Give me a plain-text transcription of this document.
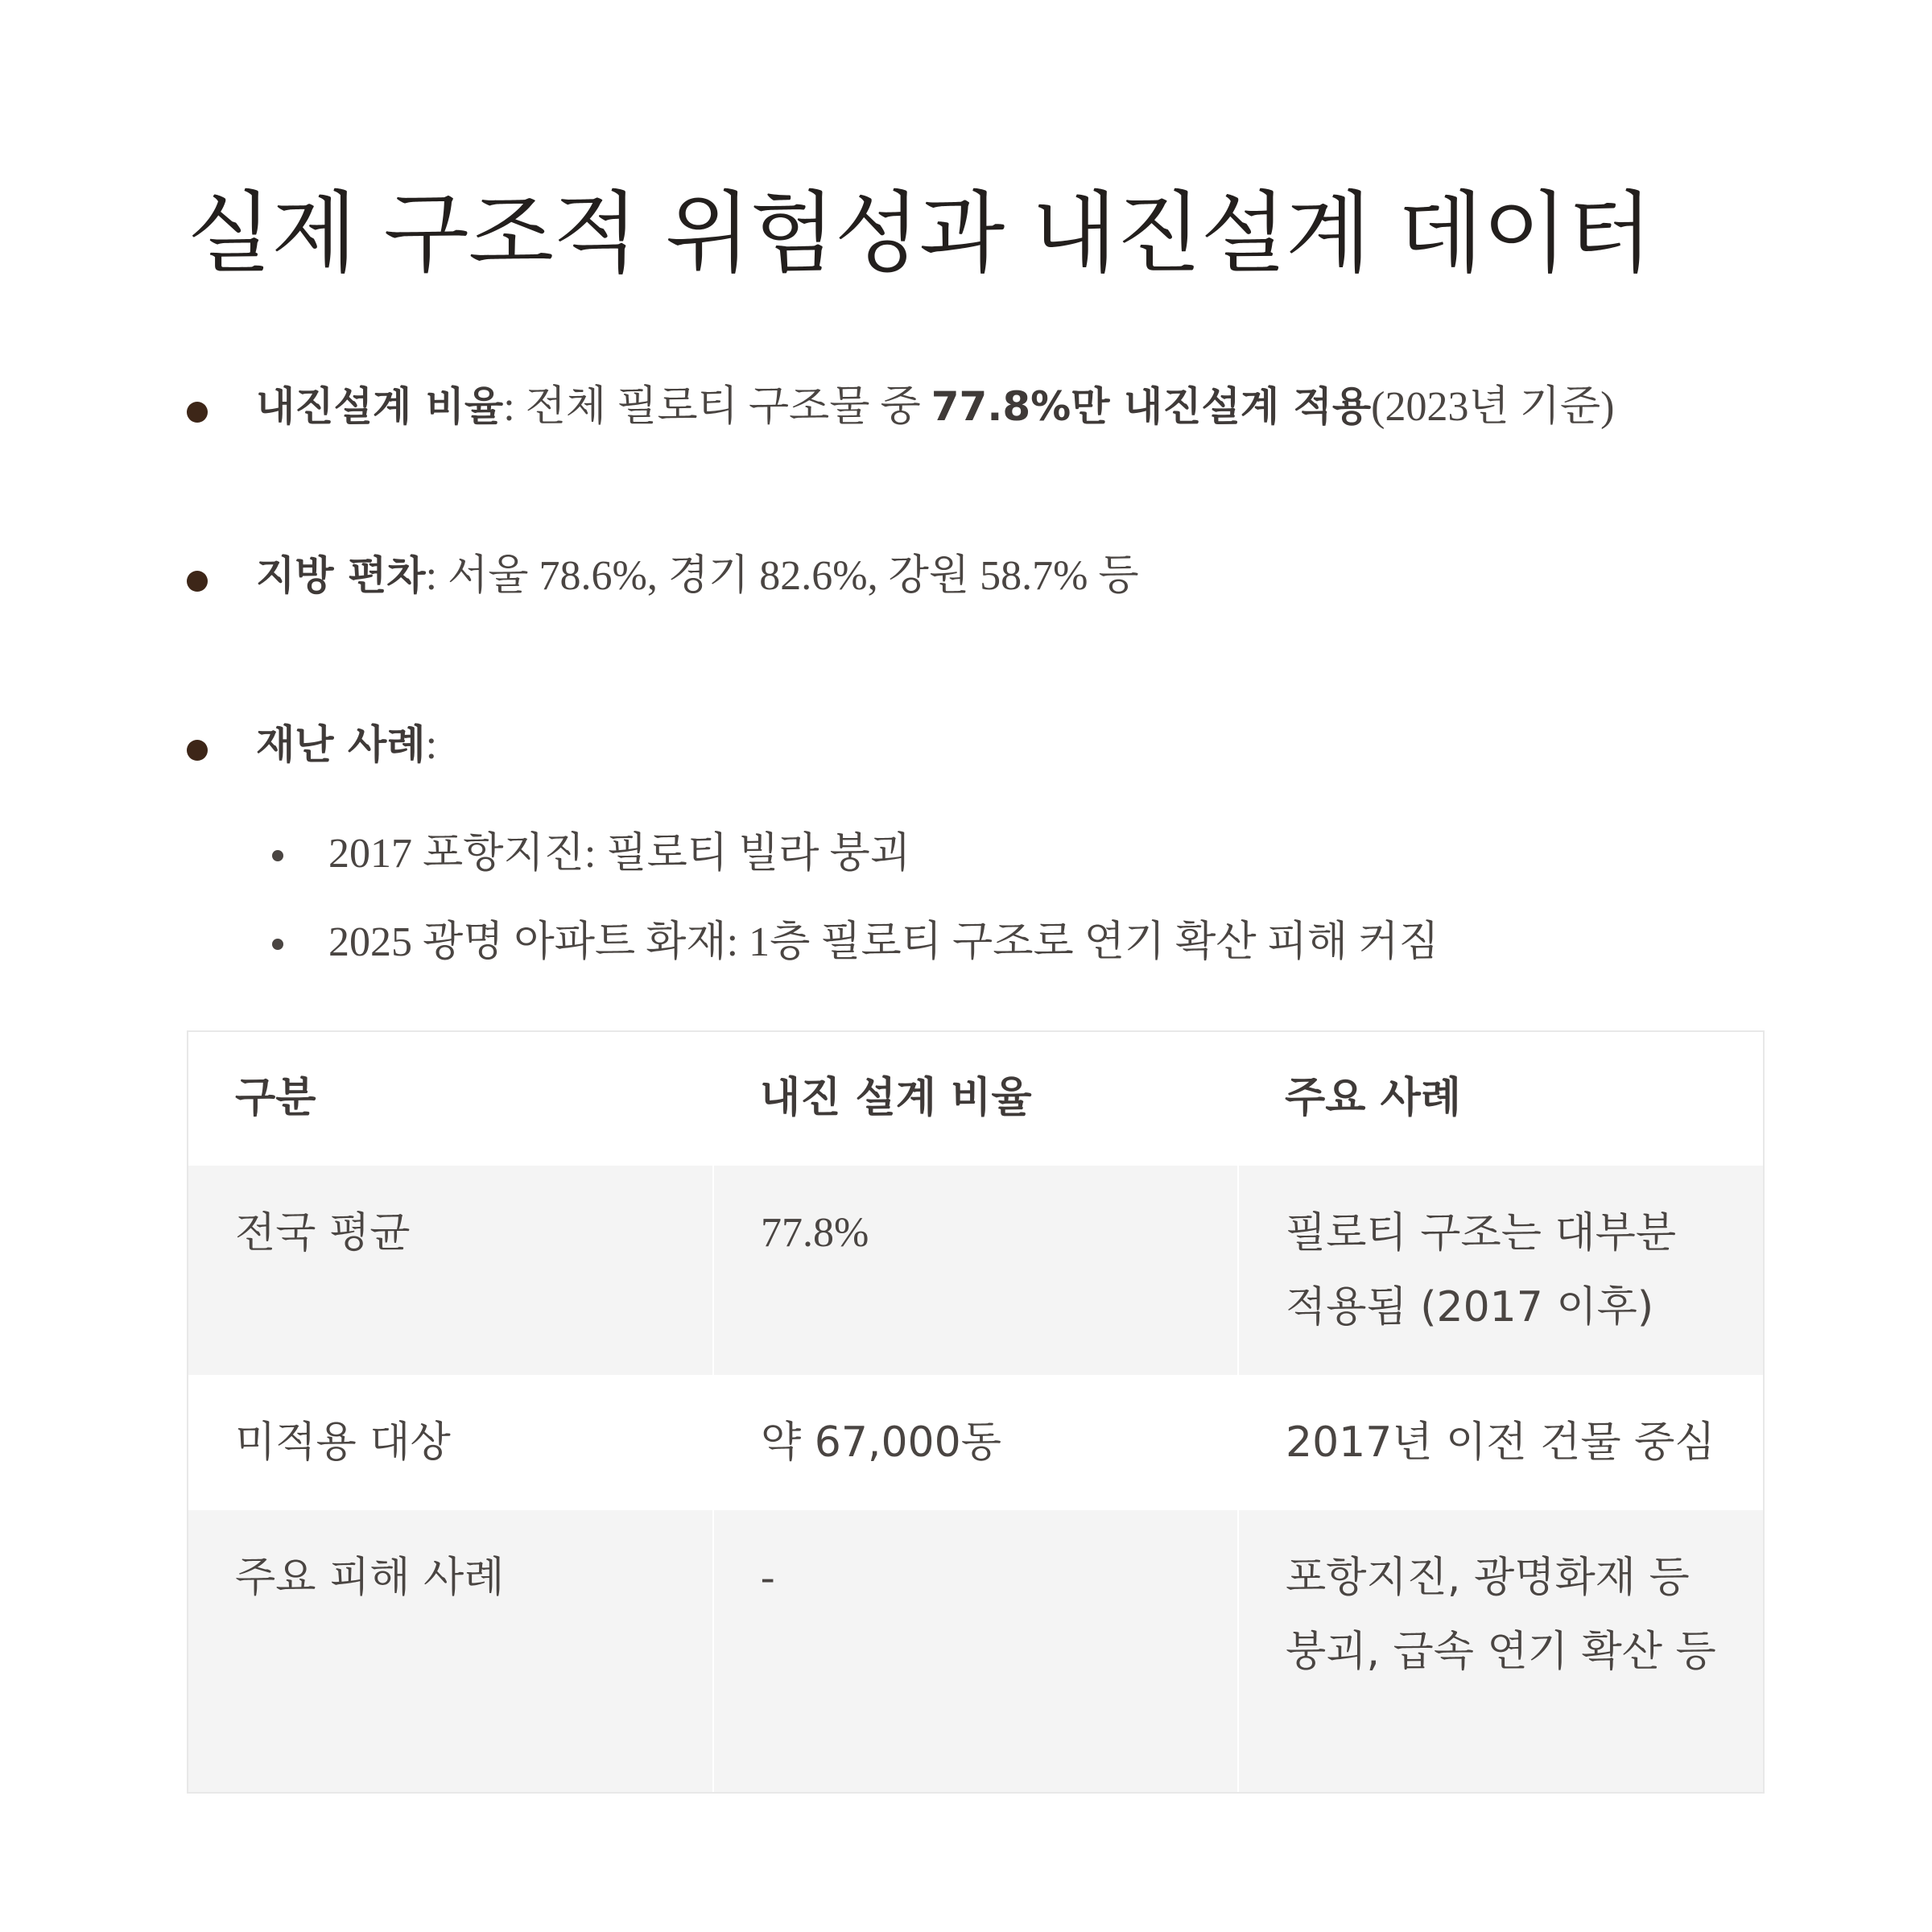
실제 구조적 위험성과 내진설계 데이터
내진설계 비율: 전체 필로티 구조물 중 77.8%만 내진설계 적용(2023년 기준)
지방 편차: 서울 78.6%, 경기 82.6%, 강원 58.7% 등
재난 사례:
2017 포항지진: 필로티 빌라 붕괴
2025 광명 아파트 화재: 1층 필로티 구조로 연기 확산 피해 커짐
구분	내진 설계 비율	주요 사례
전국 평균	77.8%	필로티 구조는 대부분 적용됨 (2017 이후)
미적용 대상	약 67,000동	2017년 이전 건물 중심
주요 피해 사례	-	포항지진, 광명화재 등 붕괴, 급속 연기 확산 등
